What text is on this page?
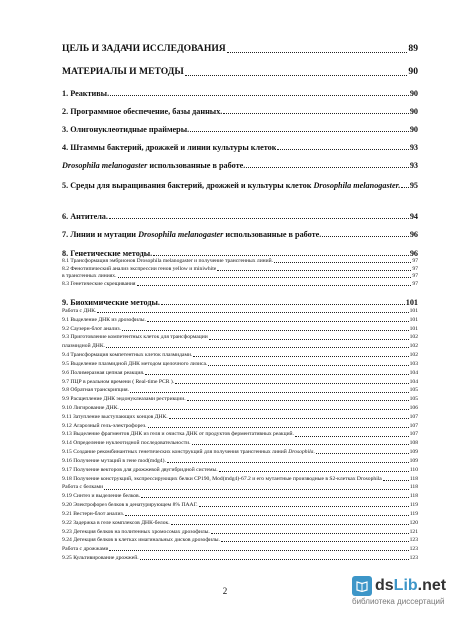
ЦЕЛЬ И ЗАДАЧИ ИССЛЕДОВАНИЯ	89
МАТЕРИАЛЫ И МЕТОДЫ	90
1. Реактивы.	90
2. Программное обеспечение, базы данных.	90
3. Олигонуклеотидные праймеры.	90
4. Штаммы бактерий, дрожжей и линии культуры клеток	93
Drosophila melanogaster использованные в работе.	93
5. Среды для выращивания бактерий, дрожжей и культуры клеток Drosophila melanogaster. 95
6. Антитела.	94
7. Линии и мутации Drosophila melanogaster использованные в работе.	96
8. Генетические методы.	96
8.1 Трансформация эмбрионов Drosophila melanogaster и получение трансгенных линий.	97
8.2 Фенотипический анализ экспрессии генов yellow и miniwhite	97
в трансгенных линиях.	97
8.3 Генетические скрещивания	97
9. Биохимические методы.	101
Работа с ДНК.	101
9.1 Выделение ДНК из дрозофилы.	101
9.2 Саузерн-блот анализ.	101
9.3 Приготовление компетентных клеток для трансформации	102
плазмидной ДНК.	102
9.4 Трансформация компетентных клеток плазмидами.	102
9.5 Выделение плазмидной ДНК методом щелочного лизиса.	103
9.6 Полимеразная цепная реакция.	104
9.7 ПЦР в реальном времени ( Real-time PCR ).	104
9.8 Обратная транскрипция.	105
9.9 Расщепление ДНК эндонуклеазами рестрикции.	105
9.10 Лигирование ДНК.	106
9.11 Затупление выступающих концов ДНК.	107
9.12 Агарозный гель-электрофорез.	107
9.13 Выделение фрагментов ДНК из геля и очистка ДНК от продуктов ферментативных реакций.	107
9.14 Определение нуклеотидной последовательности.	108
9.15 Создание рекомбинантных генетических конструкций для получения трансгенных линий Drosophila.	109
9.16 Получение мутаций в гене mod(mdg4).	109
9.17 Получение векторов для дрожжевой двугибридной системы.	110
9.18 Получение конструкций, экспрессирующих белки CP190, Mod(mdg4)-67.2 и его мутантные производные в S2-клетках Drosophila	118
Работа с белками	118
9.19 Синтез и выделение белков.	118
9.20 Электрофорез белков в денатурирующем 8% ПААГ.	119
9.21 Вестерн-блот анализ.	119
9.22 Задержка в геле комплексов ДНК-белок.	120
9.23 Детекция белков на политенных хромосомах дрозофилы.	121
9.24 Детекция белков в клетках имагинальных дисков дрозофилы.	123
Работа с дрожжами	123
9.25 Культивирование дрожжей.	123
2	dsLib.net
библиотека диссертаций
